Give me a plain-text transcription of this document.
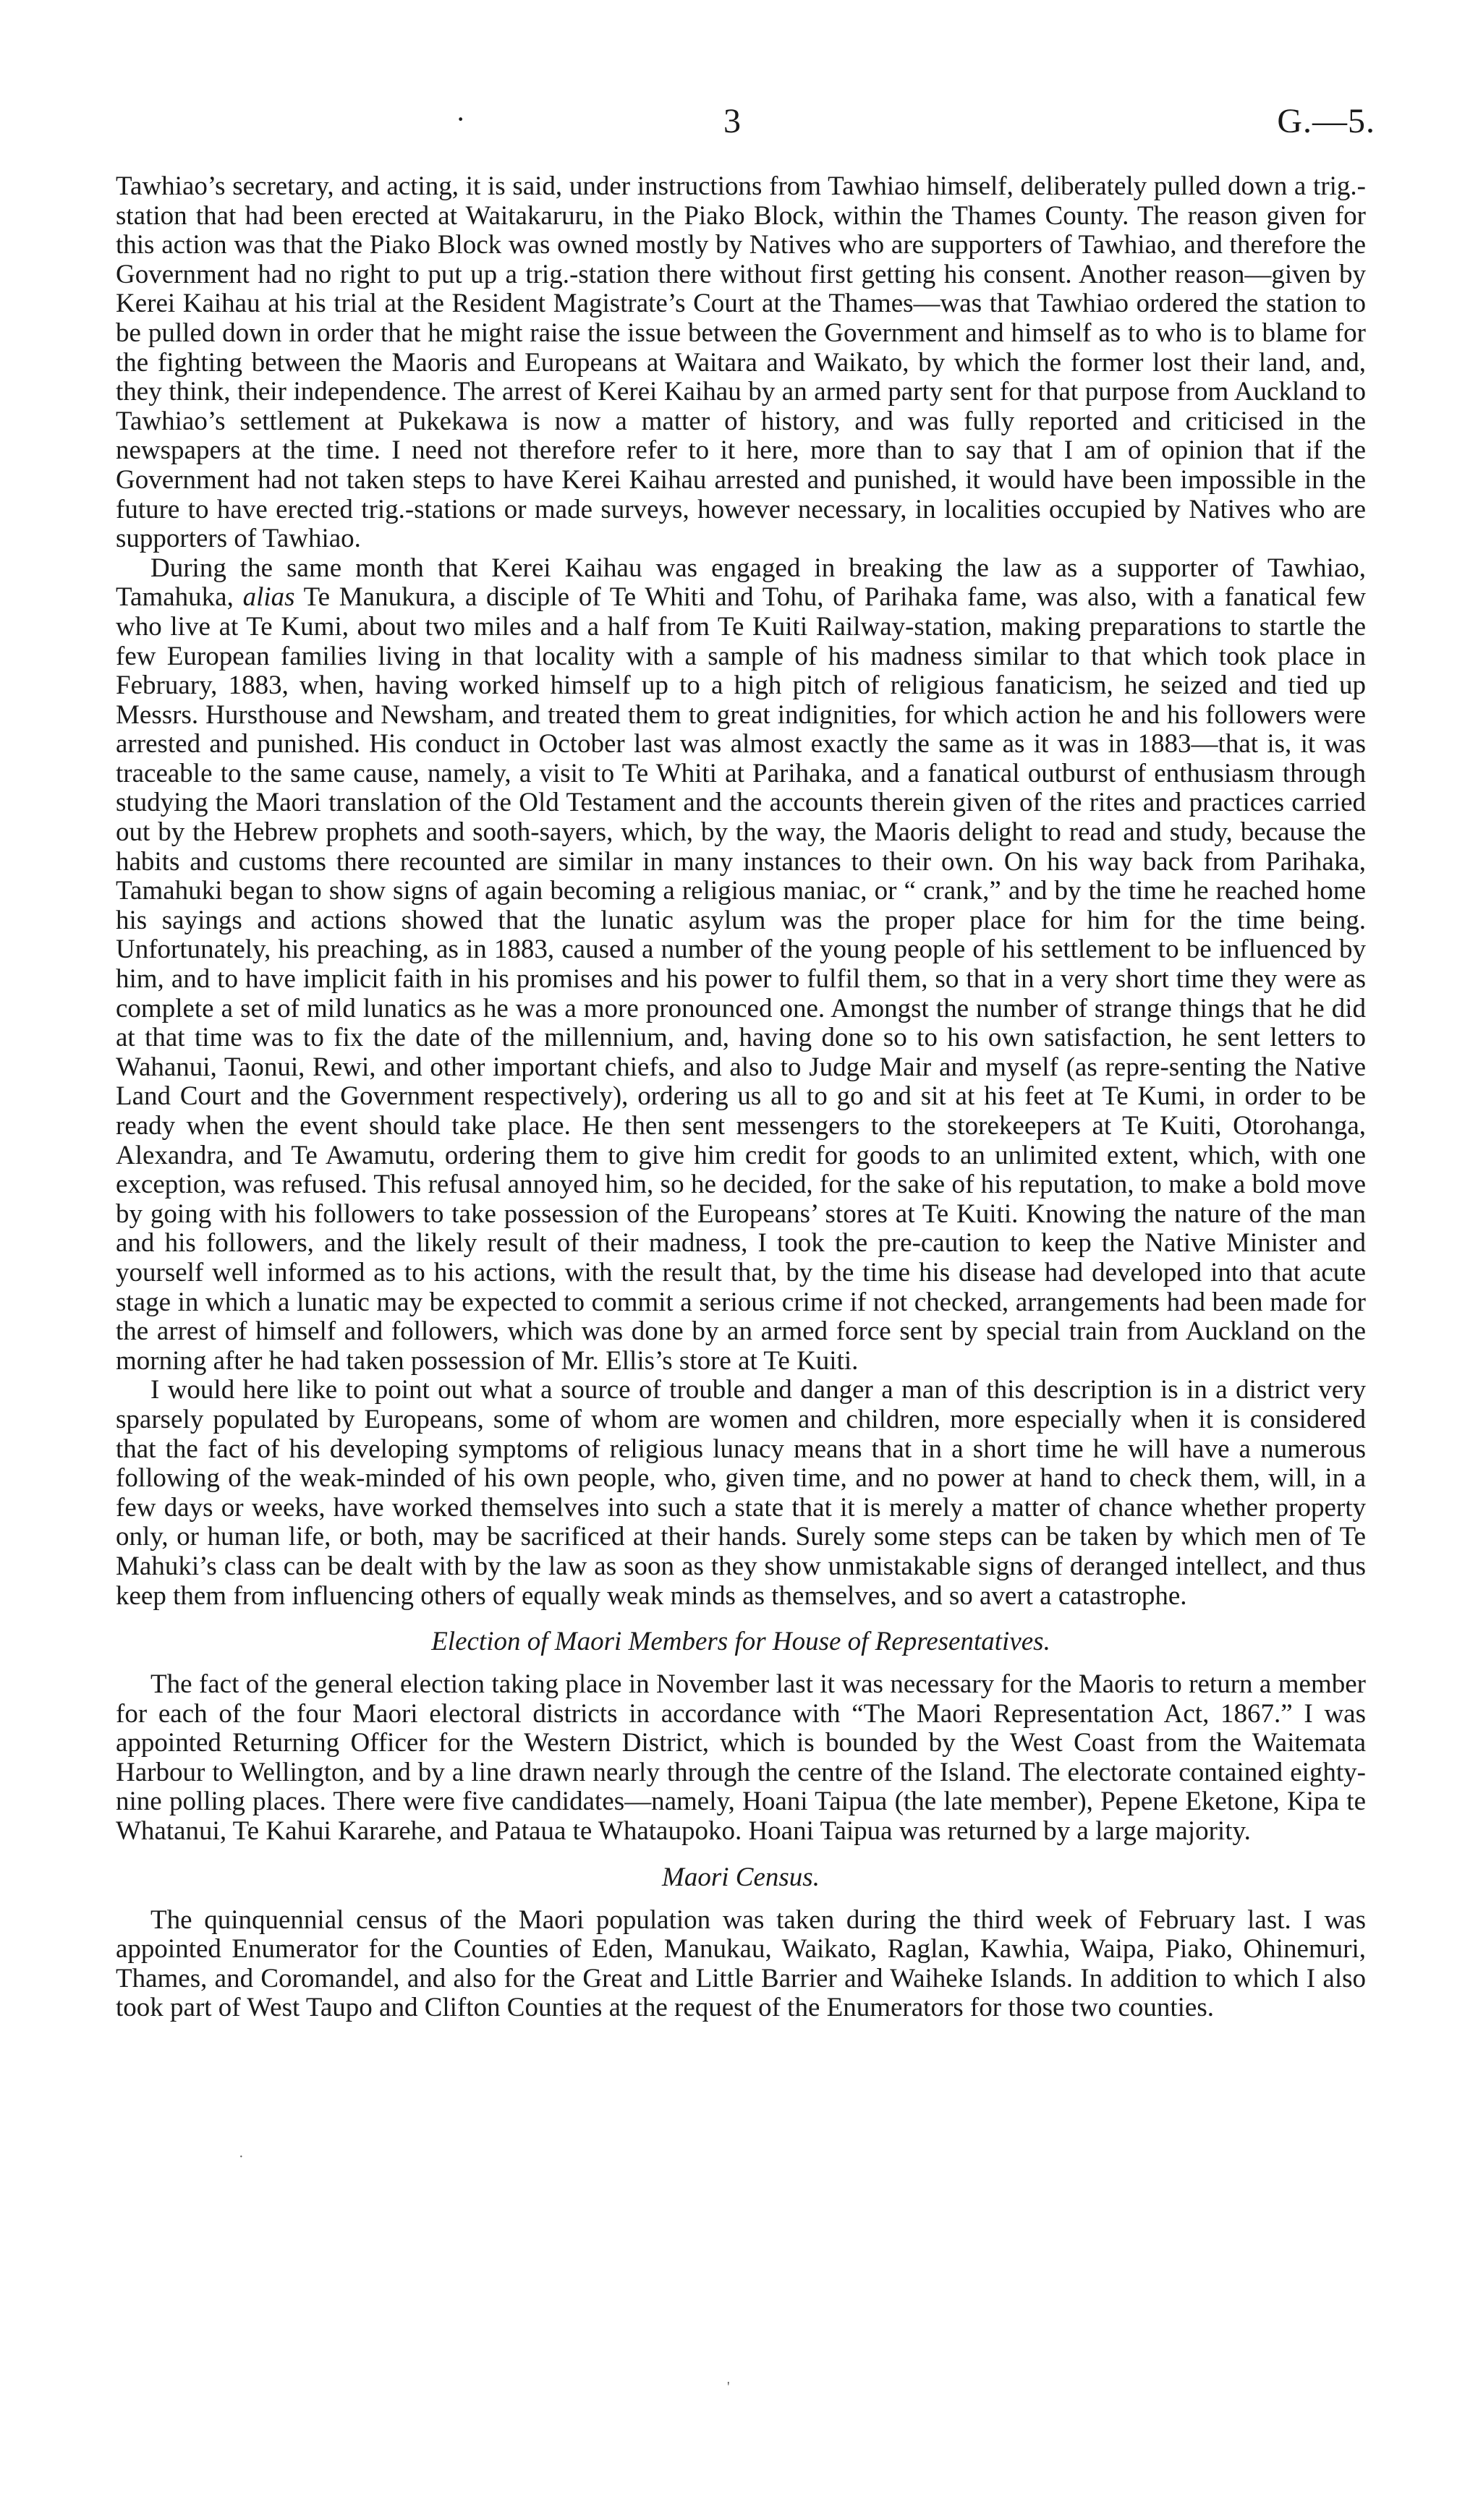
·	3	G.—5.

Tawhiao’s secretary, and acting, it is said, under instructions from Tawhiao himself, deliberately pulled down a trig.-station that had been erected at Waitakaruru, in the Piako Block, within the Thames County. The reason given for this action was that the Piako Block was owned mostly by Natives who are supporters of Tawhiao, and therefore the Government had no right to put up a trig.-station there without first getting his consent. Another reason—given by Kerei Kaihau at his trial at the Resident Magistrate’s Court at the Thames—was that Tawhiao ordered the station to be pulled down in order that he might raise the issue between the Government and himself as to who is to blame for the fighting between the Maoris and Europeans at Waitara and Waikato, by which the former lost their land, and, they think, their independence. The arrest of Kerei Kaihau by an armed party sent for that purpose from Auckland to Tawhiao’s settlement at Pukekawa is now a matter of history, and was fully reported and criticised in the newspapers at the time. I need not therefore refer to it here, more than to say that I am of opinion that if the Government had not taken steps to have Kerei Kaihau arrested and punished, it would have been impossible in the future to have erected trig.-stations or made surveys, however necessary, in localities occupied by Natives who are supporters of Tawhiao.

During the same month that Kerei Kaihau was engaged in breaking the law as a supporter of Tawhiao, Tamahuka, alias Te Manukura, a disciple of Te Whiti and Tohu, of Parihaka fame, was also, with a fanatical few who live at Te Kumi, about two miles and a half from Te Kuiti Railway-station, making preparations to startle the few European families living in that locality with a sample of his madness similar to that which took place in February, 1883, when, having worked himself up to a high pitch of religious fanaticism, he seized and tied up Messrs. Hursthouse and Newsham, and treated them to great indignities, for which action he and his followers were arrested and punished. His conduct in October last was almost exactly the same as it was in 1883—that is, it was traceable to the same cause, namely, a visit to Te Whiti at Parihaka, and a fanatical outburst of enthusiasm through studying the Maori translation of the Old Testament and the accounts therein given of the rites and practices carried out by the Hebrew prophets and sooth-sayers, which, by the way, the Maoris delight to read and study, because the habits and customs there recounted are similar in many instances to their own. On his way back from Parihaka, Tamahuki began to show signs of again becoming a religious maniac, or “ crank,” and by the time he reached home his sayings and actions showed that the lunatic asylum was the proper place for him for the time being. Unfortunately, his preaching, as in 1883, caused a number of the young people of his settlement to be influenced by him, and to have implicit faith in his promises and his power to fulfil them, so that in a very short time they were as complete a set of mild lunatics as he was a more pronounced one. Amongst the number of strange things that he did at that time was to fix the date of the millennium, and, having done so to his own satisfaction, he sent letters to Wahanui, Taonui, Rewi, and other important chiefs, and also to Judge Mair and myself (as repre-senting the Native Land Court and the Government respectively), ordering us all to go and sit at his feet at Te Kumi, in order to be ready when the event should take place. He then sent messengers to the storekeepers at Te Kuiti, Otorohanga, Alexandra, and Te Awamutu, ordering them to give him credit for goods to an unlimited extent, which, with one exception, was refused. This refusal annoyed him, so he decided, for the sake of his reputation, to make a bold move by going with his followers to take possession of the Europeans’ stores at Te Kuiti. Knowing the nature of the man and his followers, and the likely result of their madness, I took the pre-caution to keep the Native Minister and yourself well informed as to his actions, with the result that, by the time his disease had developed into that acute stage in which a lunatic may be expected to commit a serious crime if not checked, arrangements had been made for the arrest of himself and followers, which was done by an armed force sent by special train from Auckland on the morning after he had taken possession of Mr. Ellis’s store at Te Kuiti.

I would here like to point out what a source of trouble and danger a man of this description is in a district very sparsely populated by Europeans, some of whom are women and children, more especially when it is considered that the fact of his developing symptoms of religious lunacy means that in a short time he will have a numerous following of the weak-minded of his own people, who, given time, and no power at hand to check them, will, in a few days or weeks, have worked themselves into such a state that it is merely a matter of chance whether property only, or human life, or both, may be sacrificed at their hands. Surely some steps can be taken by which men of Te Mahuki’s class can be dealt with by the law as soon as they show unmistakable signs of deranged intellect, and thus keep them from influencing others of equally weak minds as themselves, and so avert a catastrophe.

Election of Maori Members for House of Representatives.

The fact of the general election taking place in November last it was necessary for the Maoris to return a member for each of the four Maori electoral districts in accordance with “The Maori Representation Act, 1867.” I was appointed Returning Officer for the Western District, which is bounded by the West Coast from the Waitemata Harbour to Wellington, and by a line drawn nearly through the centre of the Island. The electorate contained eighty-nine polling places. There were five candidates—namely, Hoani Taipua (the late member), Pepene Eketone, Kipa te Whatanui, Te Kahui Kararehe, and Pataua te Whataupoko. Hoani Taipua was returned by a large majority.

Maori Census.

The quinquennial census of the Maori population was taken during the third week of February last. I was appointed Enumerator for the Counties of Eden, Manukau, Waikato, Raglan, Kawhia, Waipa, Piako, Ohinemuri, Thames, and Coromandel, and also for the Great and Little Barrier and Waiheke Islands. In addition to which I also took part of West Taupo and Clifton Counties at the request of the Enumerators for those two counties.

·
'
